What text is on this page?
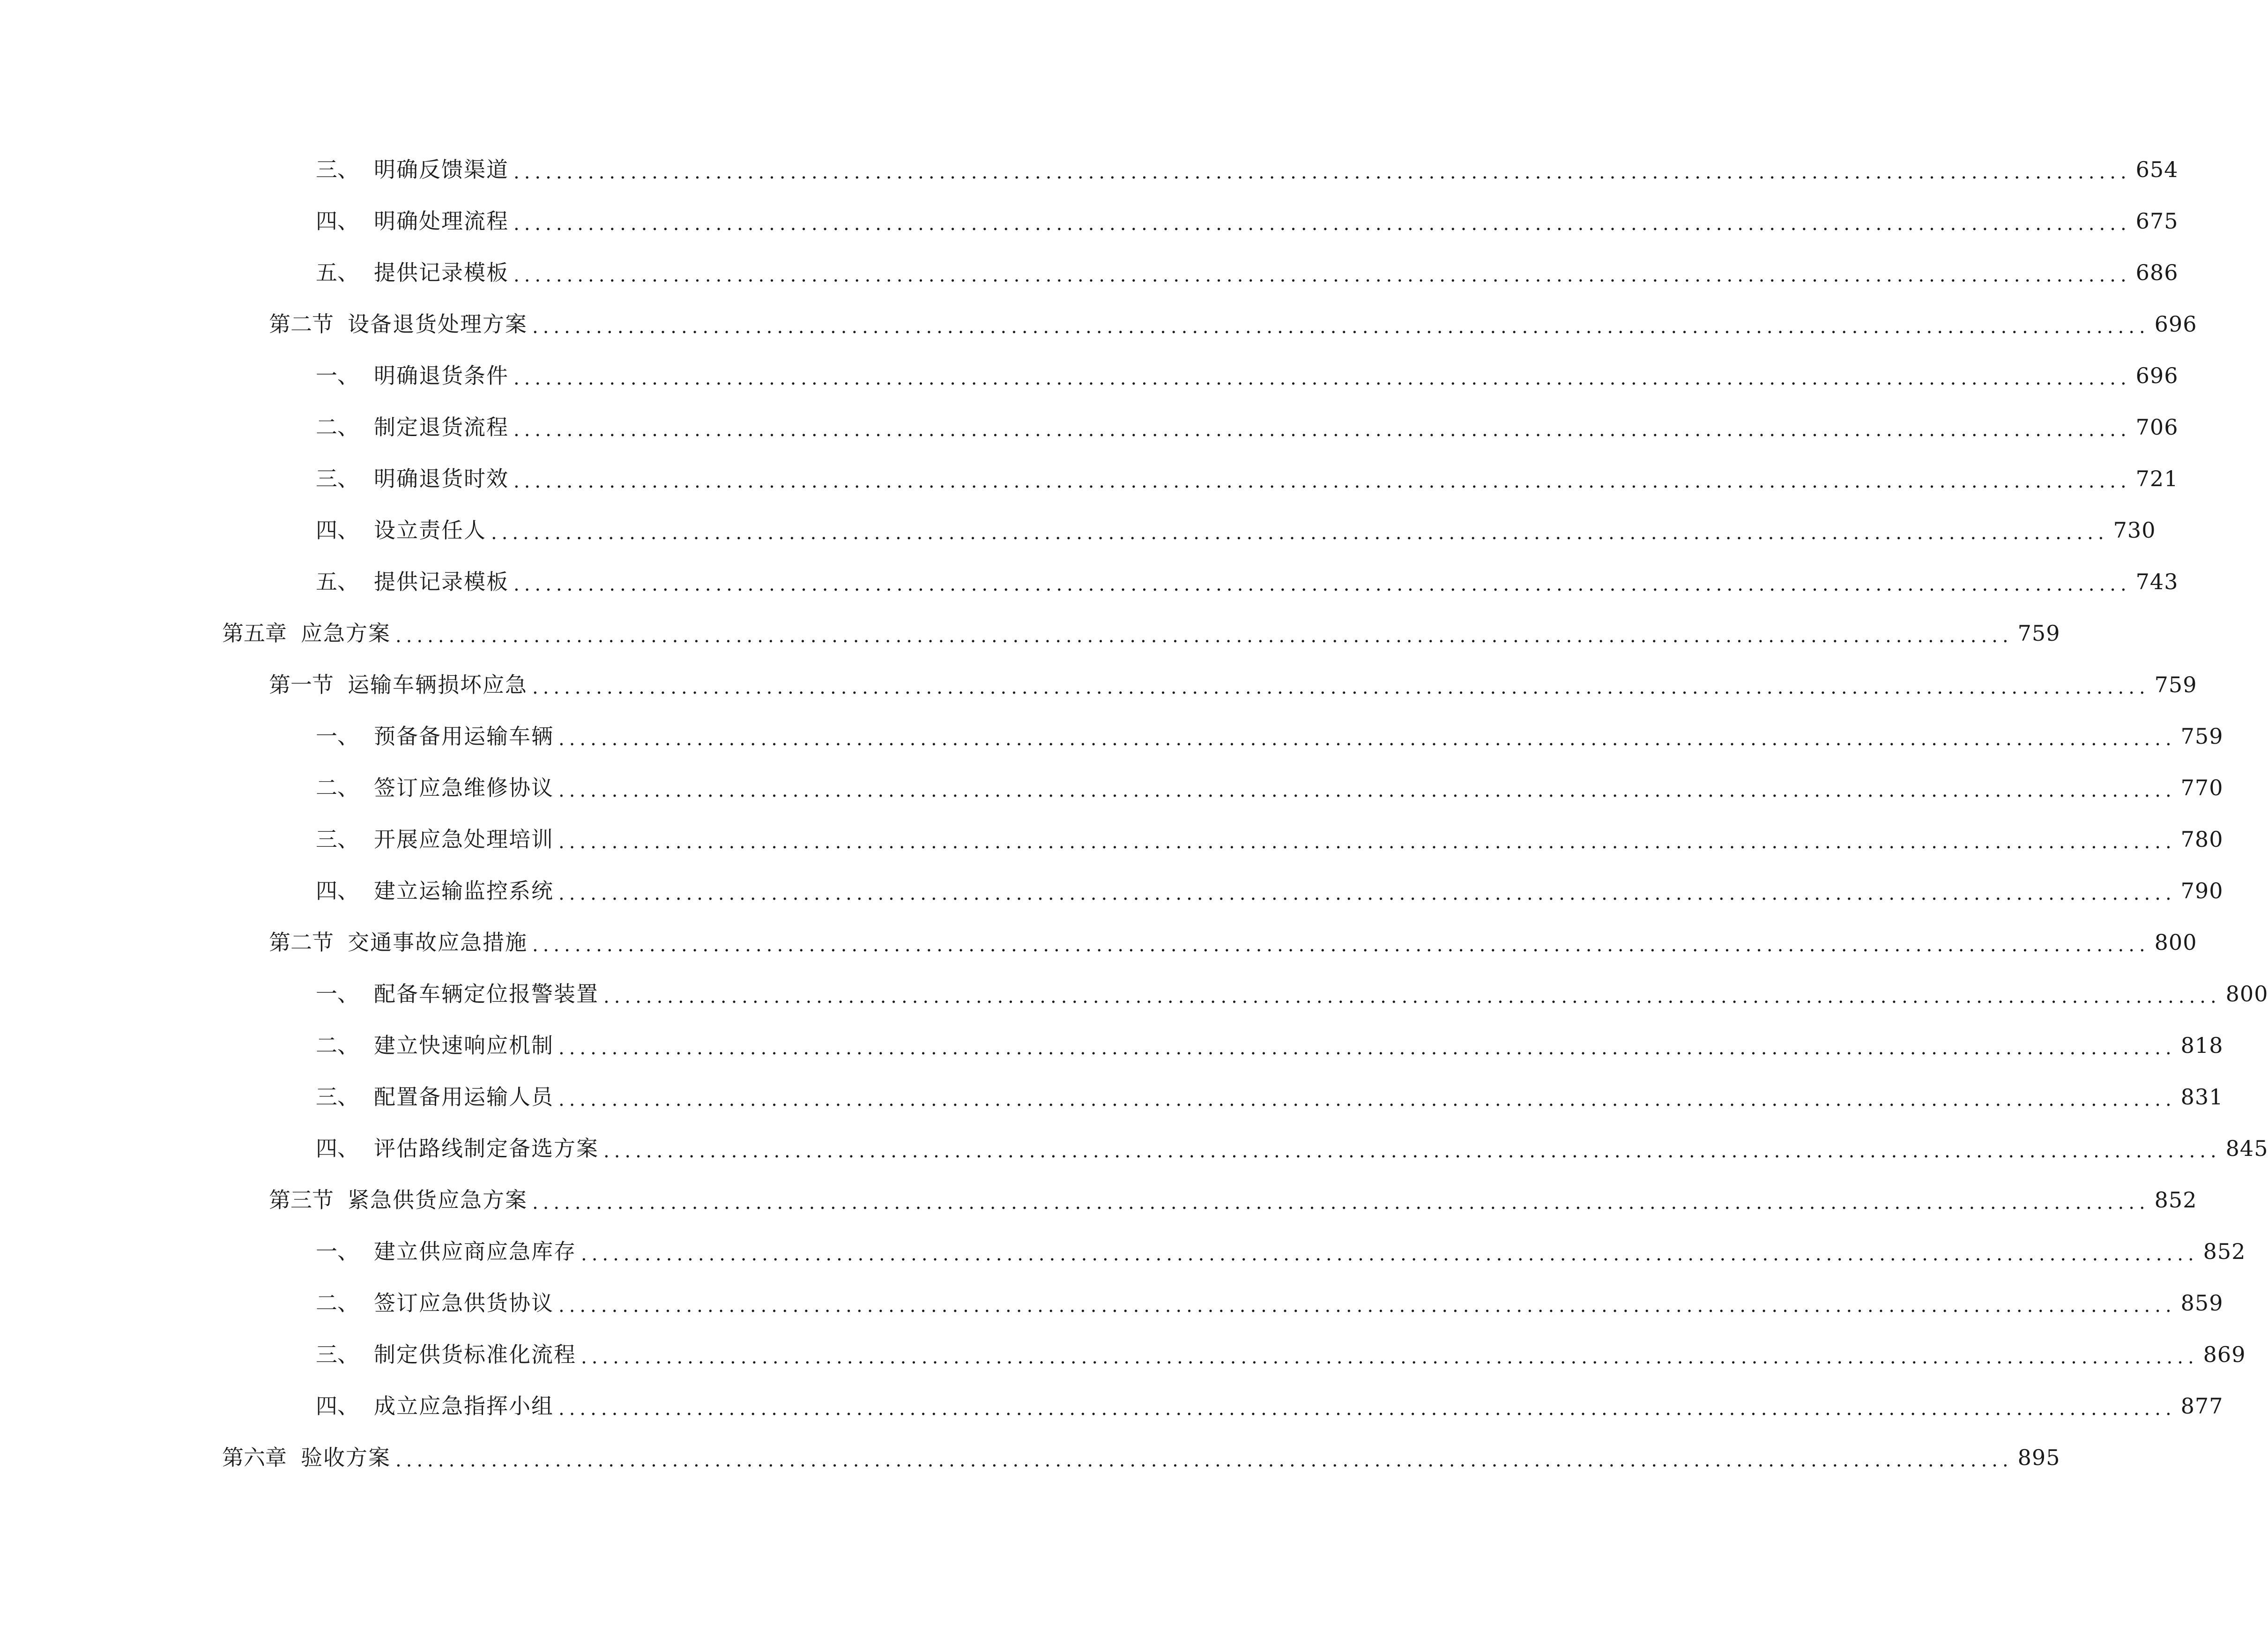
三、 明确反馈渠道 ........................................................................................................................................................ 654
四、 明确处理流程 ........................................................................................................................................................ 675
五、 提供记录模板 ........................................................................................................................................................ 686
第二节 设备退货处理方案 ........................................................................................................................................................ 696
一、 明确退货条件 ........................................................................................................................................................ 696
二、 制定退货流程 ........................................................................................................................................................ 706
三、 明确退货时效 ........................................................................................................................................................ 721
四、 设立责任人 ........................................................................................................................................................ 730
五、 提供记录模板 ........................................................................................................................................................ 743
第五章 应急方案 ........................................................................................................................................................ 759
第一节 运输车辆损坏应急 ........................................................................................................................................................ 759
一、 预备备用运输车辆 ........................................................................................................................................................ 759
二、 签订应急维修协议 ........................................................................................................................................................ 770
三、 开展应急处理培训 ........................................................................................................................................................ 780
四、 建立运输监控系统 ........................................................................................................................................................ 790
第二节 交通事故应急措施 ........................................................................................................................................................ 800
一、 配备车辆定位报警装置 ........................................................................................................................................................ 800
二、 建立快速响应机制 ........................................................................................................................................................ 818
三、 配置备用运输人员 ........................................................................................................................................................ 831
四、 评估路线制定备选方案 ........................................................................................................................................................ 845
第三节 紧急供货应急方案 ........................................................................................................................................................ 852
一、 建立供应商应急库存 ........................................................................................................................................................ 852
二、 签订应急供货协议 ........................................................................................................................................................ 859
三、 制定供货标准化流程 ........................................................................................................................................................ 869
四、 成立应急指挥小组 ........................................................................................................................................................ 877
第六章 验收方案 ........................................................................................................................................................ 895
